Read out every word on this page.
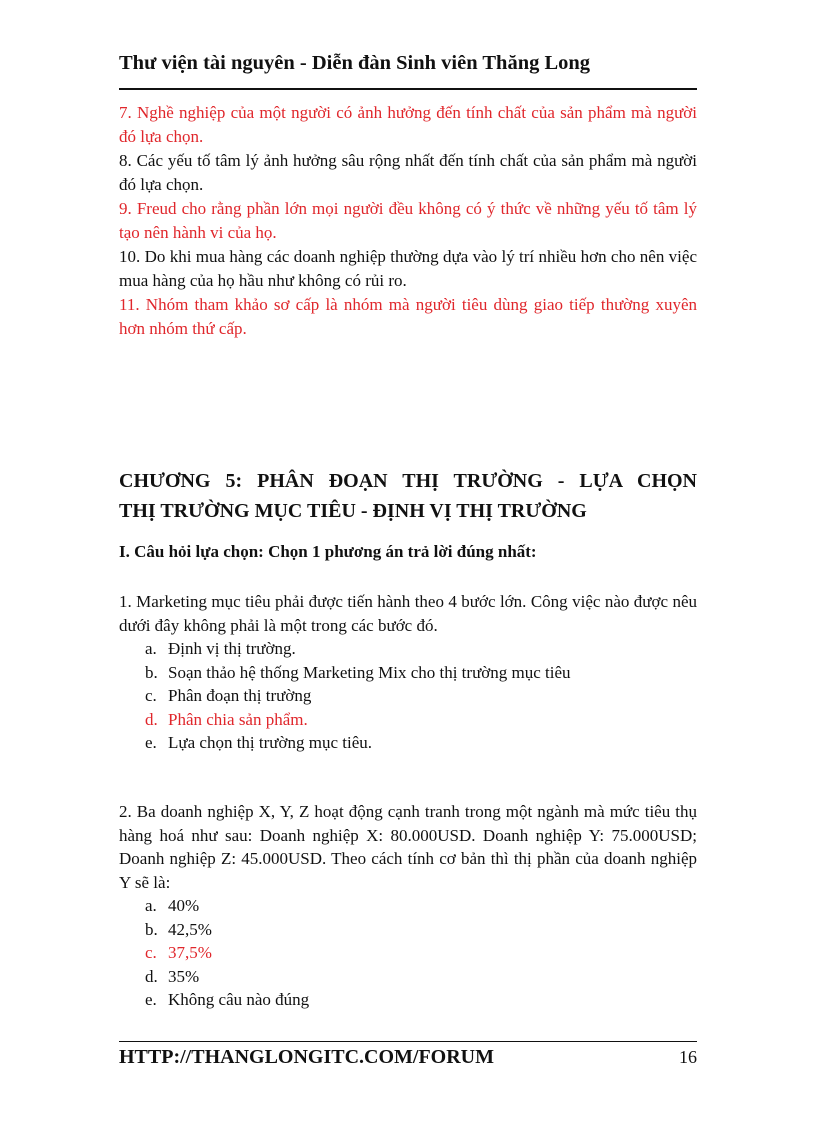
Thư viện tài nguyên - Diễn đàn Sinh viên Thăng Long

7. Nghề nghiệp của một người có ảnh hưởng đến tính chất của sản phẩm mà người đó lựa chọn.

8. Các yếu tố tâm lý ảnh hưởng sâu rộng nhất đến tính chất của sản phẩm mà người đó lựa chọn.

9. Freud cho rằng phần lớn mọi người đều không có ý thức về những yếu tố tâm lý tạo nên hành vi của họ.

10. Do khi mua hàng các doanh nghiệp thường dựa vào lý trí nhiều hơn cho nên việc mua hàng của họ hầu như không có rủi ro.

11. Nhóm tham khảo sơ cấp là nhóm mà người tiêu dùng giao tiếp thường xuyên hơn nhóm thứ cấp.

CHƯƠNG 5: PHÂN ĐOẠN THỊ TRƯỜNG - LỰA CHỌN
THỊ TRƯỜNG MỤC TIÊU - ĐỊNH VỊ THỊ TRƯỜNG
I. Câu hỏi lựa chọn: Chọn 1 phương án trả lời đúng nhất:

1. Marketing mục tiêu phải được tiến hành theo 4 bước lớn. Công việc nào được nêu dưới đây không phải là một trong các bước đó.

a. Định vị thị trường.
b. Soạn thảo hệ thống Marketing Mix cho thị trường mục tiêu
c. Phân đoạn thị trường
d. Phân chia sản phẩm.
e. Lựa chọn thị trường mục tiêu.

2. Ba doanh nghiệp X, Y, Z hoạt động cạnh tranh trong một ngành mà mức tiêu thụ hàng hoá như sau: Doanh nghiệp X: 80.000USD. Doanh nghiệp Y: 75.000USD; Doanh nghiệp Z: 45.000USD. Theo cách tính cơ bản thì thị phần của doanh nghiệp Y sẽ là:

a. 40%
b. 42,5%
c. 37,5%
d. 35%
e. Không câu nào đúng
HTTP://THANGLONGITC.COM/FORUM	16
